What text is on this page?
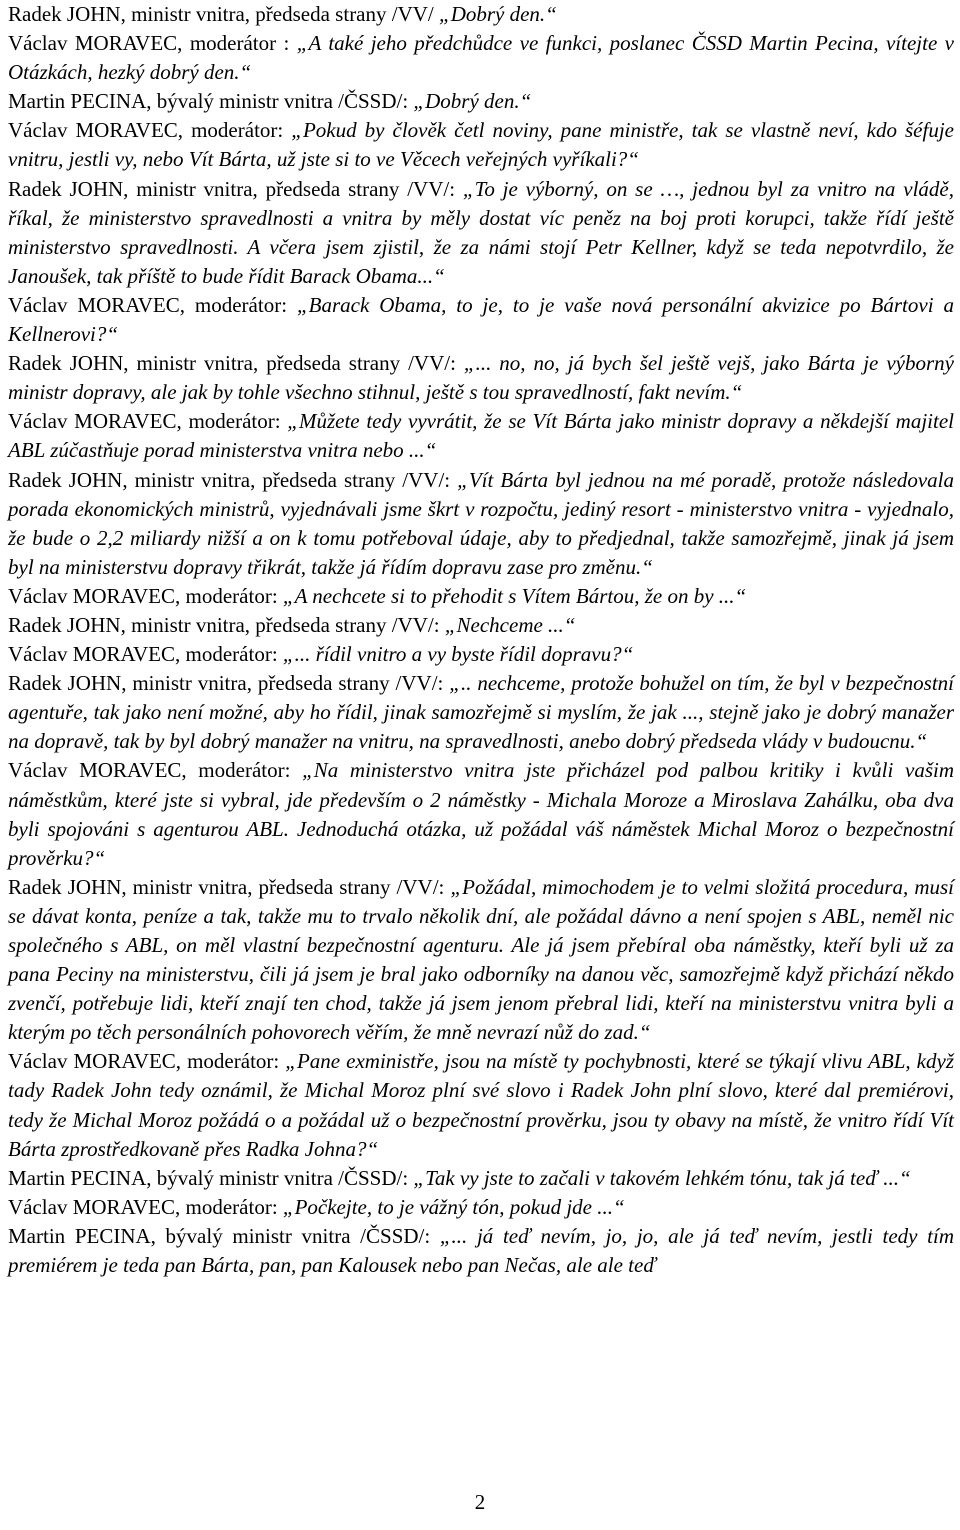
Radek JOHN, ministr vnitra, předseda strany /VV/ „Dobrý den.“

Václav MORAVEC, moderátor : „A také jeho předchůdce ve funkci, poslanec ČSSD Martin Pecina, vítejte v Otázkách, hezký dobrý den.“

Martin PECINA, bývalý ministr vnitra /ČSSD/: „Dobrý den.“

Václav MORAVEC, moderátor: „Pokud by člověk četl noviny, pane ministře, tak se vlastně neví, kdo šéfuje vnitru, jestli vy, nebo Vít Bárta, už jste si to ve Věcech veřejných vyříkali?“

Radek JOHN, ministr vnitra, předseda strany /VV/: „To je výborný, on se …, jednou byl za vnitro na vládě, říkal, že ministerstvo spravedlnosti a vnitra by měly dostat víc peněz na boj proti korupci, takže řídí ještě ministerstvo spravedlnosti. A včera jsem zjistil, že za námi stojí Petr Kellner, když se teda nepotvrdilo, že Janoušek, tak příště to bude řídit Barack Obama...“

Václav MORAVEC, moderátor: „Barack Obama, to je, to je vaše nová personální akvizice po Bártovi a Kellnerovi?“

Radek JOHN, ministr vnitra, předseda strany /VV/: „... no, no, já bych šel ještě vejš, jako Bárta je výborný ministr dopravy, ale jak by tohle všechno stihnul, ještě s tou spravedlností, fakt nevím.“

Václav MORAVEC, moderátor: „Můžete tedy vyvrátit, že se Vít Bárta jako ministr dopravy a někdejší majitel ABL zúčastňuje porad ministerstva vnitra nebo ...“

Radek JOHN, ministr vnitra, předseda strany /VV/: „Vít Bárta byl jednou na mé poradě, protože následovala porada ekonomických ministrů, vyjednávali jsme škrt v rozpočtu, jediný resort - ministerstvo vnitra - vyjednalo, že bude o 2,2 miliardy nižší a on k tomu potřeboval údaje, aby to předjednal, takže samozřejmě, jinak já jsem byl na ministerstvu dopravy třikrát, takže já řídím dopravu zase pro změnu.“

Václav MORAVEC, moderátor: „A nechcete si to přehodit s Vítem Bártou, že on by ...“

Radek JOHN, ministr vnitra, předseda strany /VV/: „Nechceme ...“

Václav MORAVEC, moderátor: „... řídil vnitro a vy byste řídil dopravu?“

Radek JOHN, ministr vnitra, předseda strany /VV/: „.. nechceme, protože bohužel on tím, že byl v bezpečnostní agentuře, tak jako není možné, aby ho řídil, jinak samozřejmě si myslím, že jak ..., stejně jako je dobrý manažer na dopravě, tak by byl dobrý manažer na vnitru, na spravedlnosti, anebo dobrý předseda vlády v budoucnu.“

Václav MORAVEC, moderátor: „Na ministerstvo vnitra jste přicházel pod palbou kritiky i kvůli vašim náměstkům, které jste si vybral, jde především o 2 náměstky - Michala Moroze a Miroslava Zahálku, oba dva byli spojováni s agenturou ABL. Jednoduchá otázka, už požádal váš náměstek Michal Moroz o bezpečnostní prověrku?“

Radek JOHN, ministr vnitra, předseda strany /VV/: „Požádal, mimochodem je to velmi složitá procedura, musí se dávat konta, peníze a tak, takže mu to trvalo několik dní, ale požádal dávno a není spojen s ABL, neměl nic společného s ABL, on měl vlastní bezpečnostní agenturu. Ale já jsem přebíral oba náměstky, kteří byli už za pana Peciny na ministerstvu, čili já jsem je bral jako odborníky na danou věc, samozřejmě když přichází někdo zvenčí, potřebuje lidi, kteří znají ten chod, takže já jsem jenom přebral lidi, kteří na ministerstvu vnitra byli a kterým po těch personálních pohovorech věřím, že mně nevrazí nůž do zad.“

Václav MORAVEC, moderátor: „Pane exministře, jsou na místě ty pochybnosti, které se týkají vlivu ABL, když tady Radek John tedy oznámil, že Michal Moroz plní své slovo i Radek John plní slovo, které dal premiérovi, tedy že Michal Moroz požádá o a požádal už o bezpečnostní prověrku, jsou ty obavy na místě, že vnitro řídí Vít Bárta zprostředkovaně přes Radka Johna?“

Martin PECINA, bývalý ministr vnitra /ČSSD/: „Tak vy jste to začali v takovém lehkém tónu, tak já teď ...“

Václav MORAVEC, moderátor: „Počkejte, to je vážný tón, pokud jde ...“

Martin PECINA, bývalý ministr vnitra /ČSSD/: „... já teď nevím, jo, jo, ale já teď nevím, jestli tedy tím premiérem je teda pan Bárta, pan, pan Kalousek nebo pan Nečas, ale ale teď

2
